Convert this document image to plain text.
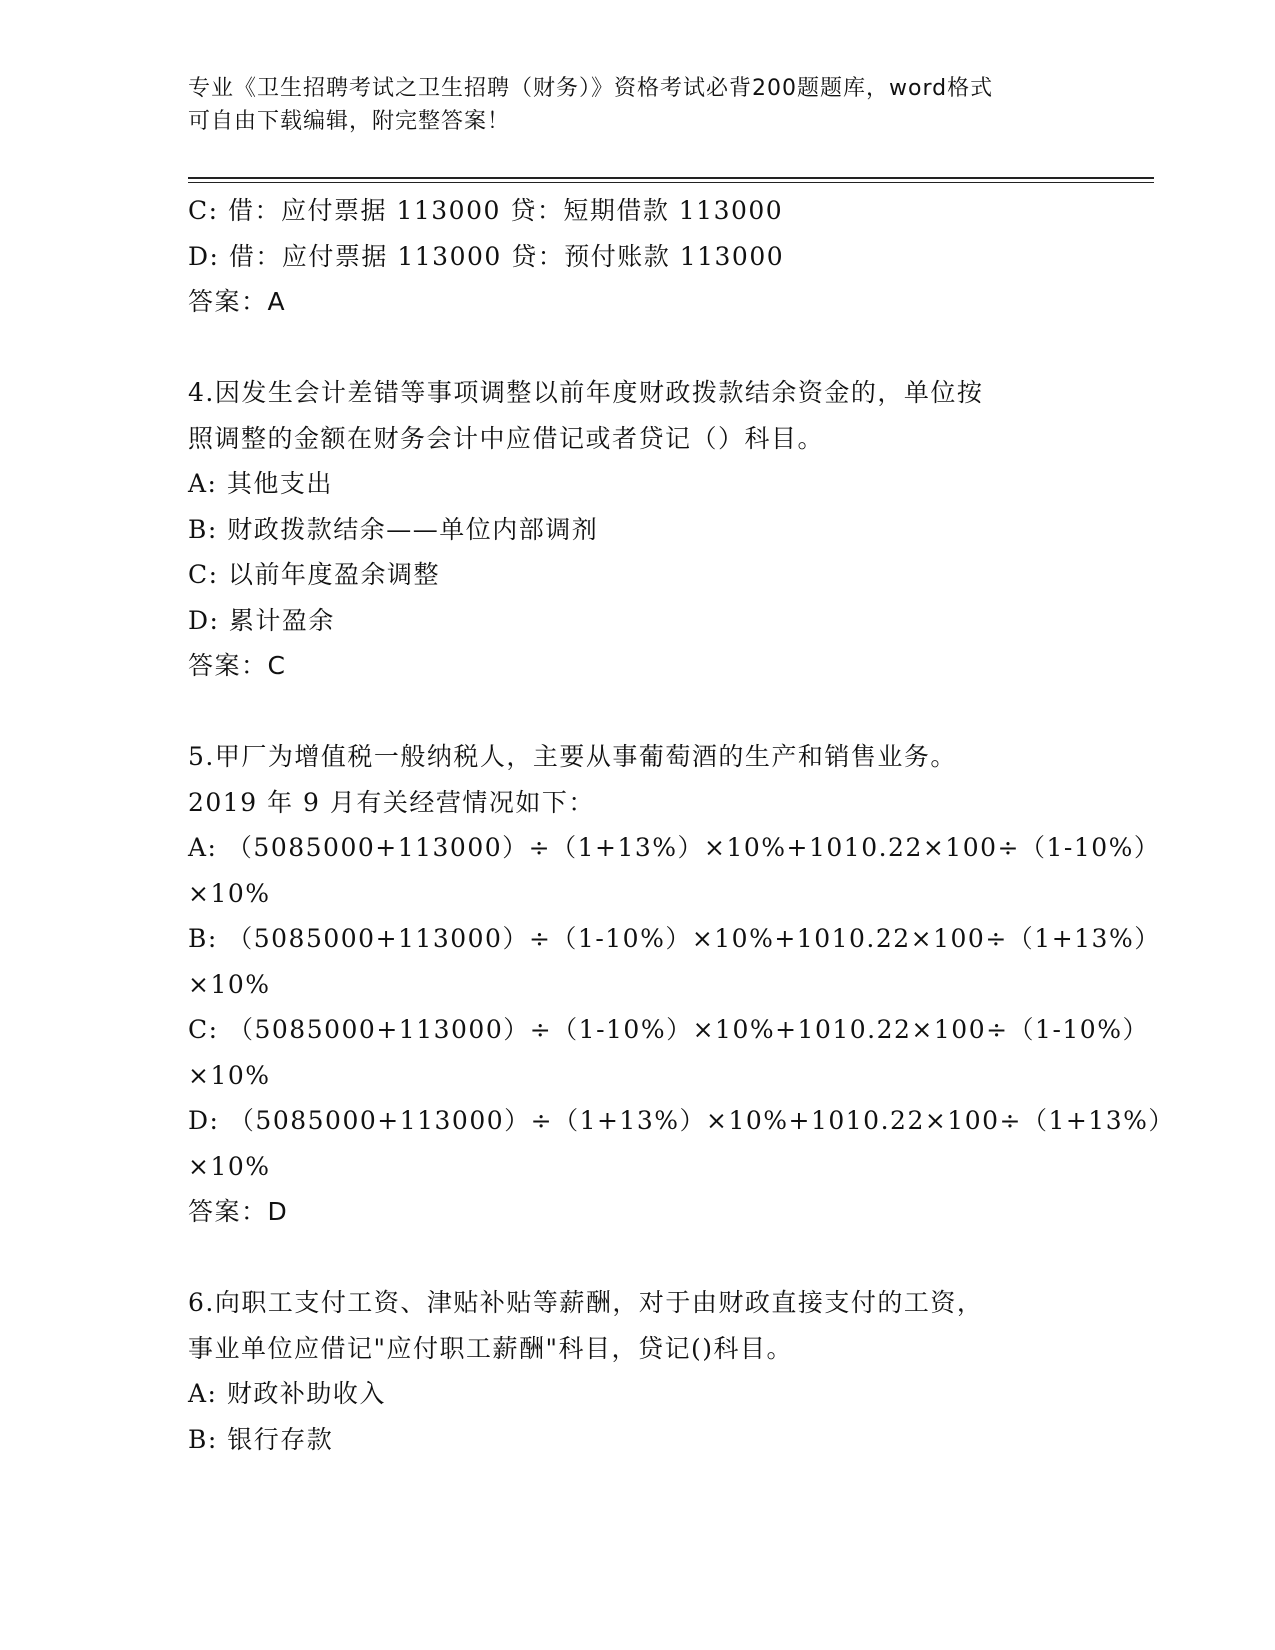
专业《卫生招聘考试之卫生招聘（财务）》资格考试必背200题题库，word格式
可自由下载编辑，附完整答案！
C: 借：应付票据 113000 贷：短期借款 113000
D: 借：应付票据 113000 贷：预付账款 113000
答案：A
4.因发生会计差错等事项调整以前年度财政拨款结余资金的，单位按
照调整的金额在财务会计中应借记或者贷记（）科目。
A: 其他支出
B: 财政拨款结余——单位内部调剂
C: 以前年度盈余调整
D: 累计盈余
答案：C
5.甲厂为增值税一般纳税人，主要从事葡萄酒的生产和销售业务。
2019 年 9 月有关经营情况如下：
A: （5085000+113000）÷（1+13%）×10%+1010.22×100÷（1-10%）
×10%
B: （5085000+113000）÷（1-10%）×10%+1010.22×100÷（1+13%）
×10%
C: （5085000+113000）÷（1-10%）×10%+1010.22×100÷（1-10%）
×10%
D: （5085000+113000）÷（1+13%）×10%+1010.22×100÷（1+13%）
×10%
答案：D
6.向职工支付工资、津贴补贴等薪酬，对于由财政直接支付的工资，
事业单位应借记"应付职工薪酬"科目，贷记()科目。
A: 财政补助收入
B: 银行存款
